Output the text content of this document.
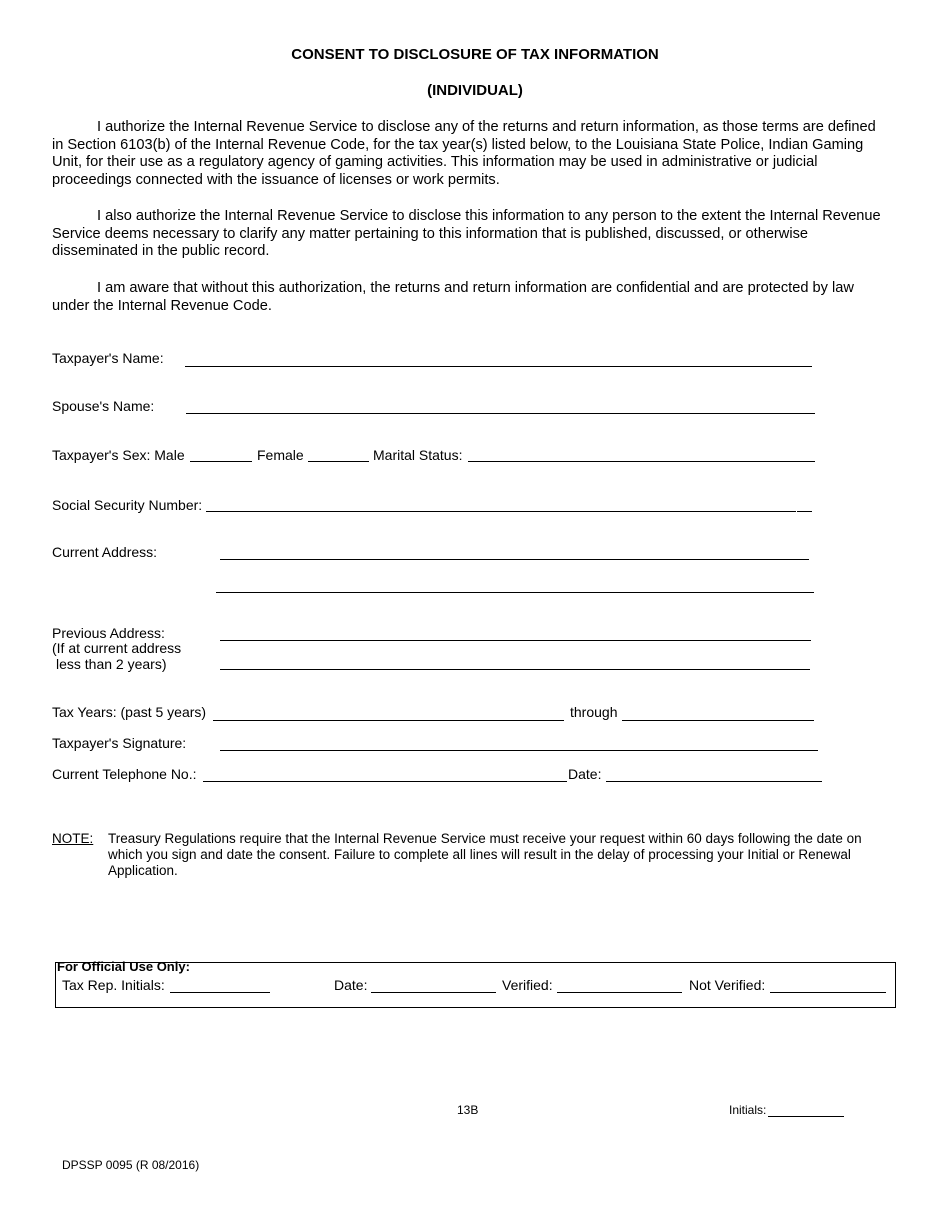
CONSENT TO DISCLOSURE OF TAX INFORMATION
(INDIVIDUAL)
I authorize the Internal Revenue Service to disclose any of the returns and return information, as those terms are defined in Section 6103(b) of the Internal Revenue Code, for the tax year(s) listed below, to the Louisiana State Police, Indian Gaming Unit, for their use as a regulatory agency of gaming activities. This information may be used in administrative or judicial proceedings connected with the issuance of licenses or work permits.
I also authorize the Internal Revenue Service to disclose this information to any person to the extent the Internal Revenue Service deems necessary to clarify any matter pertaining to this information that is published, discussed, or otherwise disseminated in the public record.
I am aware that without this authorization, the returns and return information are confidential and are protected by law under the Internal Revenue Code.
Taxpayer's Name:
Spouse's Name:
Taxpayer's Sex: Male	Female	Marital Status:
Social Security Number:
Current Address:
Previous Address:
(If at current address
less than 2 years)
Tax Years: (past 5 years)	through
Taxpayer's Signature:
Current Telephone No.:	Date:
NOTE: Treasury Regulations require that the Internal Revenue Service must receive your request within 60 days following the date on which you sign and date the consent. Failure to complete all lines will result in the delay of processing your Initial or Renewal Application.
For Official Use Only:
Tax Rep. Initials:	Date:	Verified:	Not Verified:
13B	Initials:
DPSSP 0095 (R 08/2016)
